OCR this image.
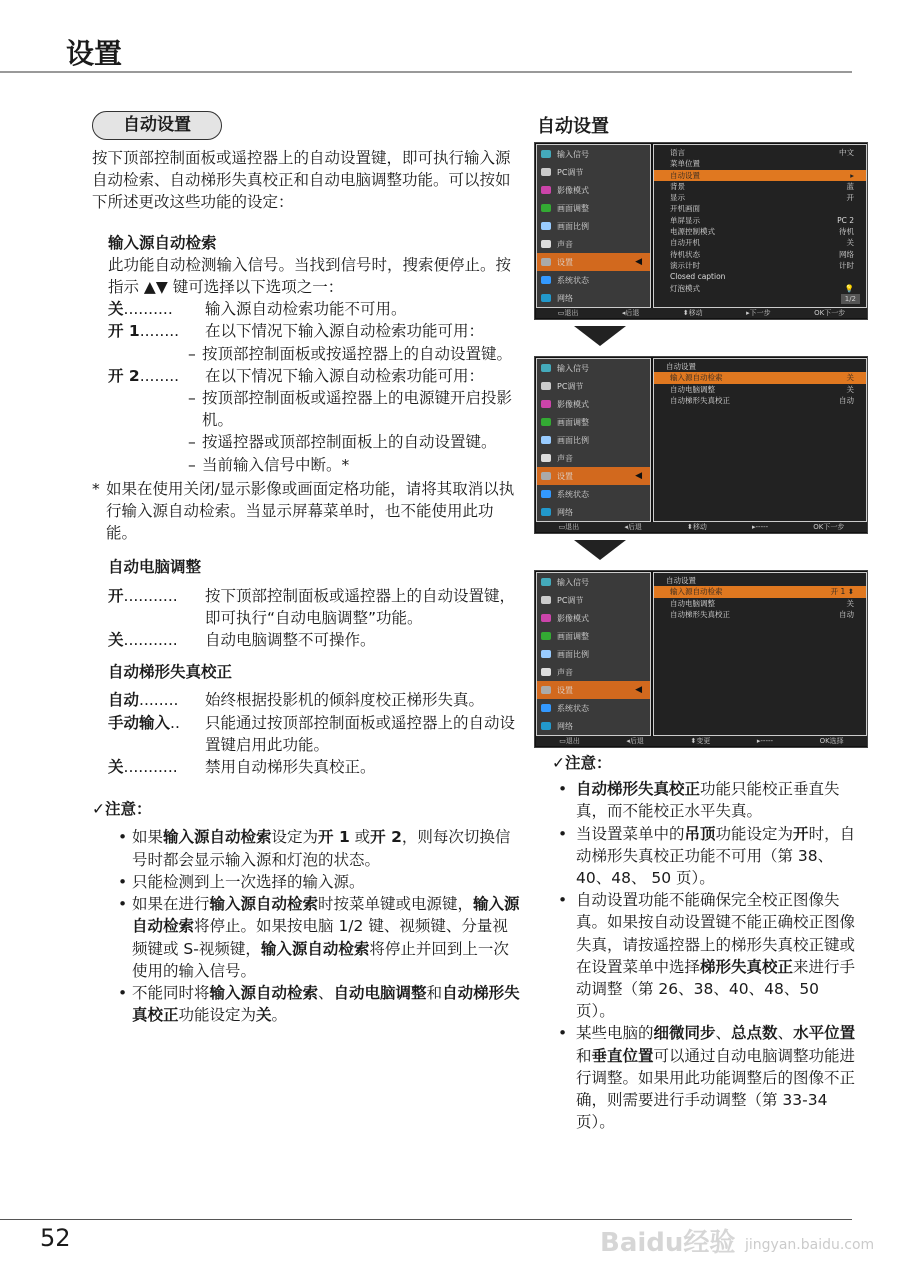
设置
自动设置
按下顶部控制面板或遥控器上的自动设置键，即可执行输入源自动检索、自动梯形失真校正和自动电脑调整功能。可以按如下所述更改这些功能的设定：
输入源自动检索
此功能自动检测输入信号。当找到信号时，搜索便停止。按指示 ▲▼ 键可选择以下选项之一：
关..........	输入源自动检索功能不可用。
开 1........	在以下情况下输入源自动检索功能可用：
– 按顶部控制面板或按遥控器上的自动设置键。
开 2........	在以下情况下输入源自动检索功能可用：
– 按顶部控制面板或遥控器上的电源键开启投影机。
– 按遥控器或顶部控制面板上的自动设置键。
– 当前输入信号中断。*
* 如果在使用关闭/显示影像或画面定格功能，请将其取消以执行输入源自动检索。当显示屏幕菜单时，也不能使用此功能。
自动电脑调整
开...........	按下顶部控制面板或遥控器上的自动设置键，即可执行“自动电脑调整”功能。
关...........	自动电脑调整不可操作。
自动梯形失真校正
自动........	始终根据投影机的倾斜度校正梯形失真。
手动输入..	只能通过按顶部控制面板或遥控器上的自动设置键启用此功能。
关...........	禁用自动梯形失真校正。
✓注意：
• 如果输入源自动检索设定为开 1 或开 2，则每次切换信号时都会显示输入源和灯泡的状态。
• 只能检测到上一次选择的输入源。
• 如果在进行输入源自动检索时按菜单键或电源键，输入源自动检索将停止。如果按电脑 1/2 键、视频键、分量视频键或 S-视频键，输入源自动检索将停止并回到上一次使用的输入信号。
• 不能同时将输入源自动检索、自动电脑调整和自动梯形失真校正功能设定为关。
自动设置
输入信号
PC调节
影像模式
画面调整
画面比例
声音
设置	◀
系统状态
网络
语言	中文
菜单位置
自动设置	▸
背景	蓝
显示	开
开机画面
单屏显示	PC 2
电源控制模式	待机
自动开机	关
待机状态	网络
演示计时	计时
Closed caption
灯泡模式	💡
1/2
▭退出	◂后退	⬍移动	▸下一步	OK下一步
输入信号
PC调节
影像模式
画面调整
画面比例
声音
设置	◀
系统状态
网络
自动设置
输入源自动检索	关
自动电脑调整	关
自动梯形失真校正	自动
▭退出	◂后退	⬍移动	▸-----	OK下一步
输入信号
PC调节
影像模式
画面调整
画面比例
声音
设置	◀
系统状态
网络
自动设置
输入源自动检索	开 1 ⬍
自动电脑调整	关
自动梯形失真校正	自动
▭退出	◂后退	⬍变更	▸-----	OK选择
✓注意：
• 自动梯形失真校正功能只能校正垂直失真，而不能校正水平失真。
• 当设置菜单中的吊顶功能设定为开时，自动梯形失真校正功能不可用（第 38、40、48、 50 页）。
• 自动设置功能不能确保完全校正图像失真。如果按自动设置键不能正确校正图像失真，请按遥控器上的梯形失真校正键或在设置菜单中选择梯形失真校正来进行手动调整（第 26、38、40、48、50 页）。
• 某些电脑的细微同步、总点数、水平位置和垂直位置可以通过自动电脑调整功能进行调整。如果用此功能调整后的图像不正确，则需要进行手动调整（第 33-34 页）。
52	Baidu经验 jingyan.baidu.com
